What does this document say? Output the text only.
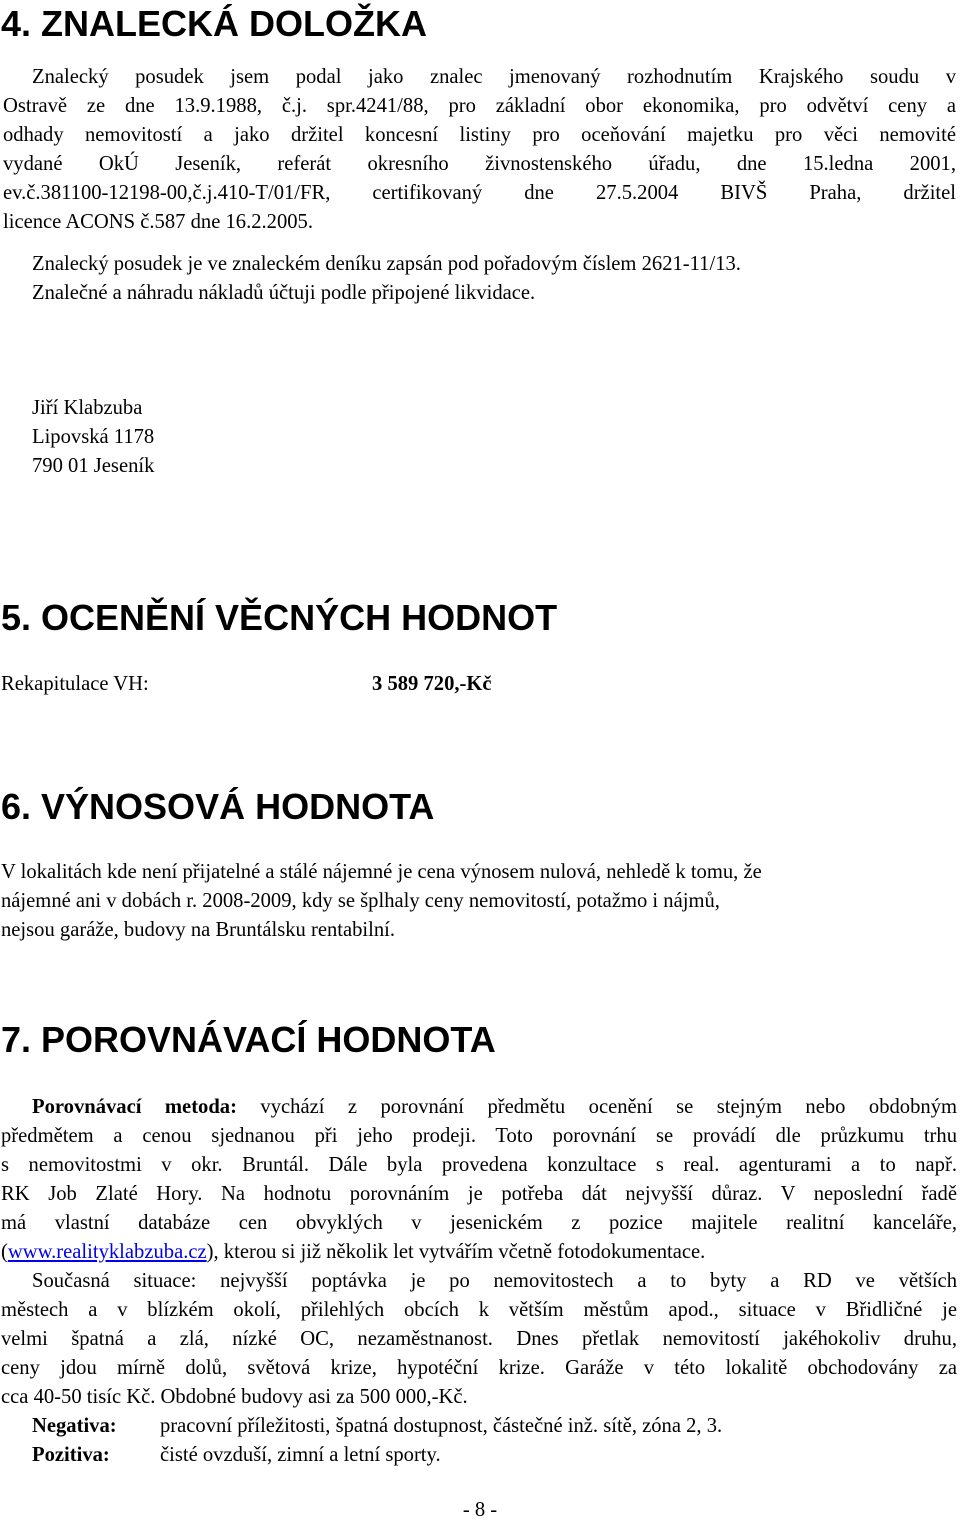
4. ZNALECKÁ DOLOŽKA
Znalecký posudek jsem podal jako znalec jmenovaný rozhodnutím Krajského soudu v
Ostravě ze dne 13.9.1988, č.j. spr.4241/88, pro základní obor ekonomika, pro odvětví ceny a
odhady nemovitostí a jako držitel koncesní listiny pro oceňování majetku pro věci nemovité
vydané OkÚ Jeseník, referát okresního živnostenského úřadu, dne 15.ledna 2001,
ev.č.381100-12198-00,č.j.410-T/01/FR, certifikovaný dne 27.5.2004 BIVŠ Praha, držitel
licence ACONS č.587 dne 16.2.2005.
Znalecký posudek je ve znaleckém deníku zapsán pod pořadovým číslem 2621-11/13.
Znalečné a náhradu nákladů účtuji podle připojené likvidace.
Jiří Klabzuba
Lipovská 1178
790 01 Jeseník
5. OCENĚNÍ VĚCNÝCH HODNOT
Rekapitulace VH:	3 589 720,-Kč
6. VÝNOSOVÁ HODNOTA
V lokalitách kde není přijatelné a stálé nájemné je cena výnosem nulová, nehledě k tomu, že
nájemné ani v dobách r. 2008-2009, kdy se šplhaly ceny nemovitostí, potažmo i nájmů,
nejsou garáže, budovy na Bruntálsku rentabilní.
7. POROVNÁVACÍ HODNOTA
Porovnávací metoda: vychází z porovnání předmětu ocenění se stejným nebo obdobným
předmětem a cenou sjednanou při jeho prodeji. Toto porovnání se provádí dle průzkumu trhu
s nemovitostmi v okr. Bruntál. Dále byla provedena konzultace s real. agenturami a to např.
RK Job Zlaté Hory. Na hodnotu porovnáním je potřeba dát nejvyšší důraz. V neposlední řadě
má vlastní databáze cen obvyklých v jesenickém z pozice majitele realitní kanceláře,
(www.realityklabzuba.cz), kterou si již několik let vytvářím včetně fotodokumentace.
Současná situace: nejvyšší poptávka je po nemovitostech a to byty a RD ve větších
městech a v blízkém okolí, přilehlých obcích k větším městům apod., situace v Břidličné je
velmi špatná a zlá, nízké OC, nezaměstnanost. Dnes přetlak nemovitostí jakéhokoliv druhu,
ceny jdou mírně dolů, světová krize, hypotéční krize. Garáže v této lokalitě obchodovány za
cca 40-50 tisíc Kč. Obdobné budovy asi za 500 000,-Kč.
Negativa: pracovní příležitosti, špatná dostupnost, částečné inž. sítě, zóna 2, 3.
Pozitiva: čisté ovzduší, zimní a letní sporty.
- 8 -
